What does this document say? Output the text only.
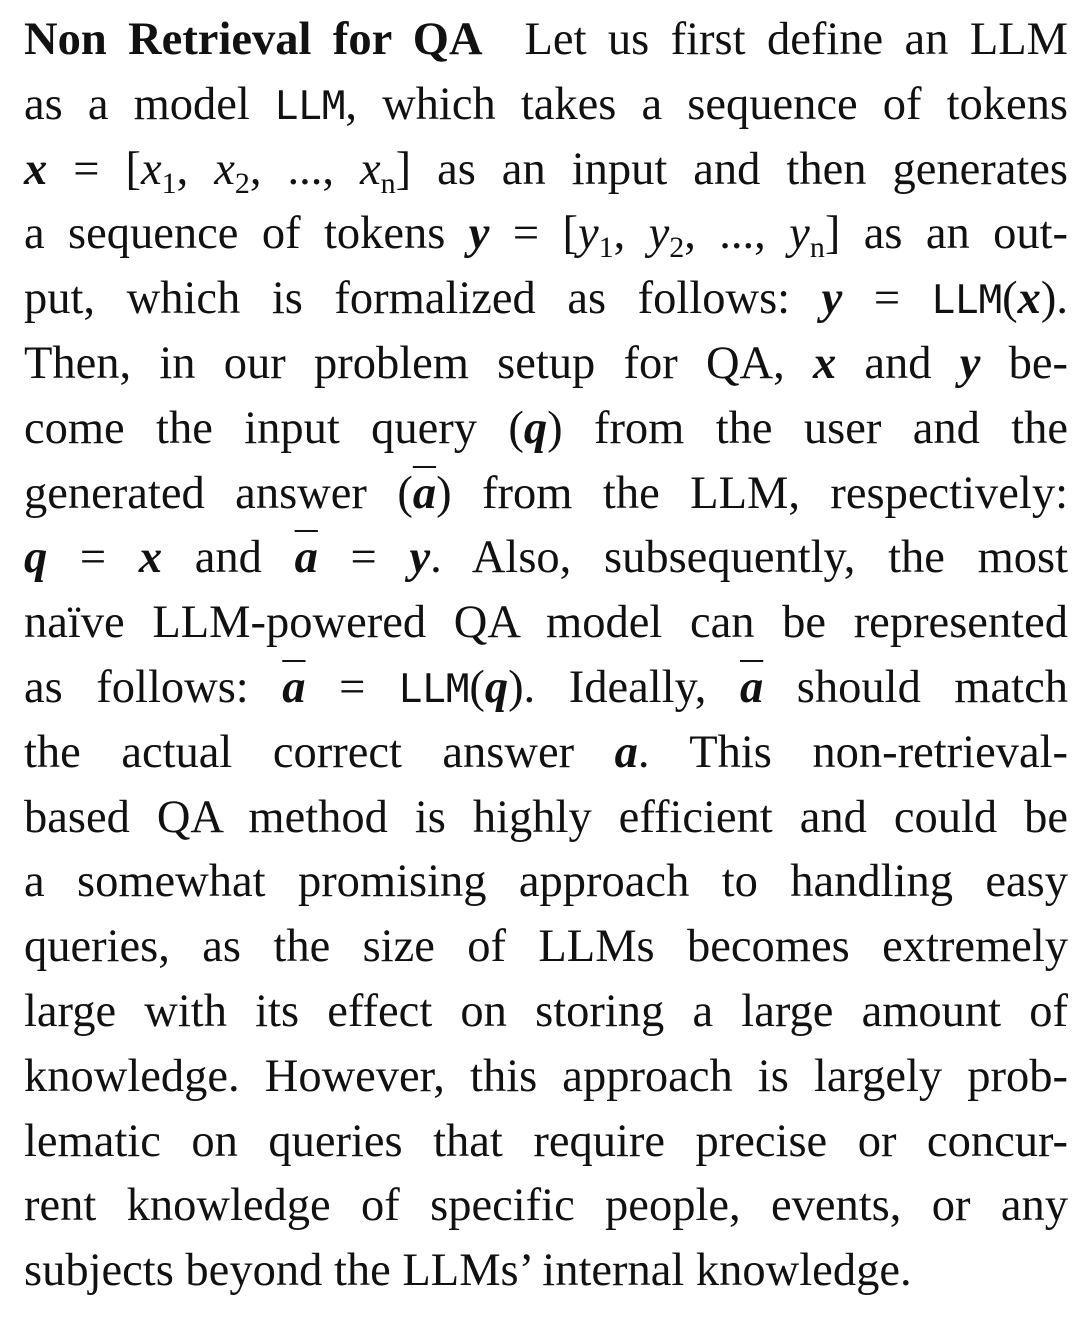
Non Retrieval for QA Let us first define an LLM

as a model LLM, which takes a sequence of tokens

x = [x1, x2, ..., xn] as an input and then generates

a sequence of tokens y = [y1, y2, ..., yn] as an out-

put, which is formalized as follows: y = LLM(x).

Then, in our problem setup for QA, x and y be-

come the input query (q) from the user and the

generated answer $(\overline{a})$ from the LLM, respectively:

q = x and $\overline{a} = y$. Also, subsequently, the most

naïve LLM-powered QA model can be represented

as follows: $\overline{a} = LLM(q)$. Ideally, $\overline{a}$ should match

the actual correct answer a. This non-retrieval-

based QA method is highly efficient and could be

a somewhat promising approach to handling easy

queries, as the size of LLMs becomes extremely

large with its effect on storing a large amount of

knowledge. However, this approach is largely prob-

lematic on queries that require precise or concur-

rent knowledge of specific people, events, or any

subjects beyond the LLMs’ internal knowledge.
